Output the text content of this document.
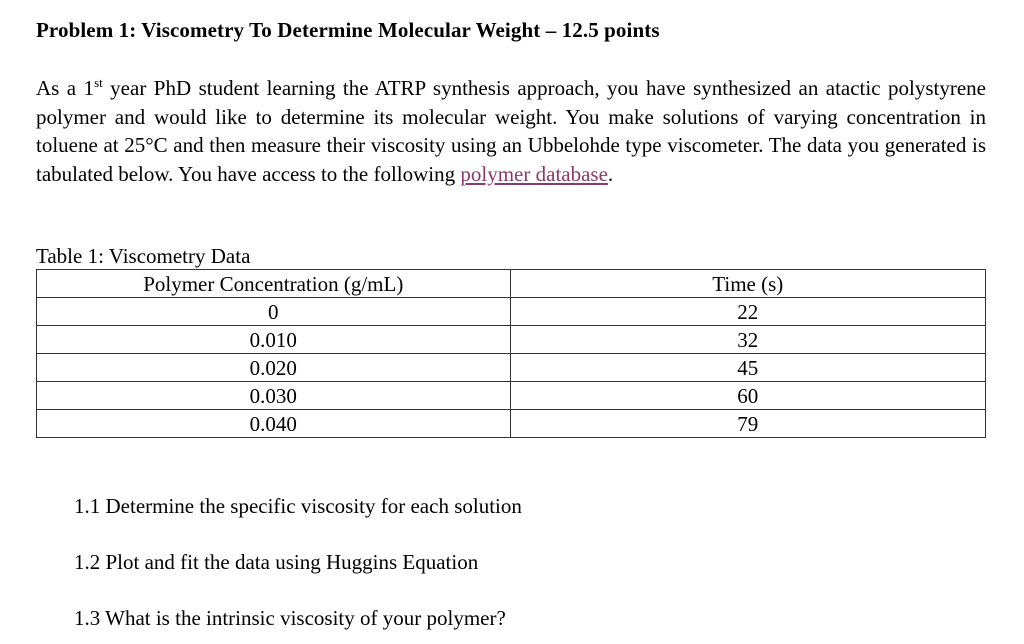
Problem 1: Viscometry To Determine Molecular Weight – 12.5 points

As a 1st year PhD student learning the ATRP synthesis approach, you have synthesized an atactic polystyrene polymer and would like to determine its molecular weight. You make solutions of varying concentration in toluene at 25°C and then measure their viscosity using an Ubbelohde type viscometer. The data you generated is tabulated below. You have access to the following polymer database.

Table 1: Viscometry Data
Polymer Concentration (g/mL)	Time (s)
0	22
0.010	32
0.020	45
0.030	60
0.040	79
1.1 Determine the specific viscosity for each solution
1.2 Plot and fit the data using Huggins Equation
1.3 What is the intrinsic viscosity of your polymer?
